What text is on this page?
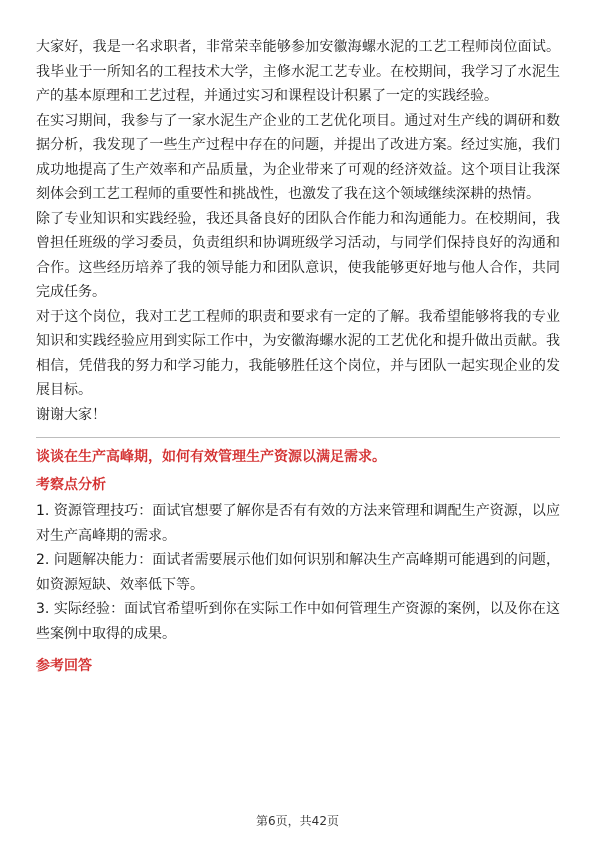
大家好，我是一名求职者，非常荣幸能够参加安徽海螺水泥的工艺工程师岗位面试。我毕业于一所知名的工程技术大学，主修水泥工艺专业。在校期间，我学习了水泥生产的基本原理和工艺过程，并通过实习和课程设计积累了一定的实践经验。

在实习期间，我参与了一家水泥生产企业的工艺优化项目。通过对生产线的调研和数据分析，我发现了一些生产过程中存在的问题，并提出了改进方案。经过实施，我们成功地提高了生产效率和产品质量，为企业带来了可观的经济效益。这个项目让我深刻体会到工艺工程师的重要性和挑战性，也激发了我在这个领域继续深耕的热情。

除了专业知识和实践经验，我还具备良好的团队合作能力和沟通能力。在校期间，我曾担任班级的学习委员，负责组织和协调班级学习活动，与同学们保持良好的沟通和合作。这些经历培养了我的领导能力和团队意识，使我能够更好地与他人合作，共同完成任务。

对于这个岗位，我对工艺工程师的职责和要求有一定的了解。我希望能够将我的专业知识和实践经验应用到实际工作中，为安徽海螺水泥的工艺优化和提升做出贡献。我相信，凭借我的努力和学习能力，我能够胜任这个岗位，并与团队一起实现企业的发展目标。

谢谢大家！

谈谈在生产高峰期，如何有效管理生产资源以满足需求。

考察点分析

1. 资源管理技巧：面试官想要了解你是否有有效的方法来管理和调配生产资源，以应对生产高峰期的需求。

2. 问题解决能力：面试者需要展示他们如何识别和解决生产高峰期可能遇到的问题，如资源短缺、效率低下等。

3. 实际经验：面试官希望听到你在实际工作中如何管理生产资源的案例，以及你在这些案例中取得的成果。

参考回答

第6页，共42页
